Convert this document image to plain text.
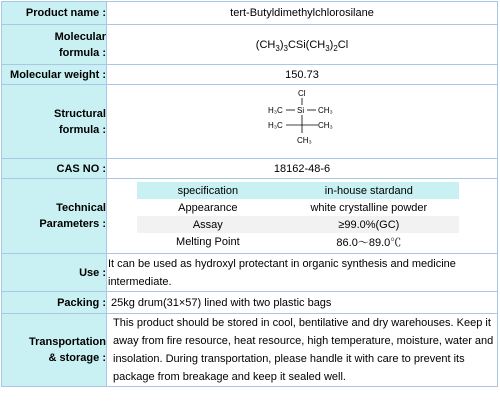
Product name :	tert-Butyldimethylchlorosilane
Molecular
formula :	$(CH_3)_3CSi(CH_3)_2Cl$
Molecular weight :	150.73
Structural
formula :	
Cl
H₃C Si CH₃
H₃C	CH₃
CH₃

CAS NO :	18162-48-6
Technical
Parameters :	
specification	in-house stardand
Appearance	white crystalline powder
Assay	≥99.0%(GC)
Melting Point	86.0～89.0℃

Use :	It can be used as hydroxyl protectant in organic synthesis and medicine intermediate.
Packing :	25kg drum(31×57) lined with two plastic bags
Transportation
& storage :	This product should be stored in cool, bentilative and dry warehouses. Keep it away from fire resource, heat resource, high temperature, moisture, water and insolation. During transportation, please handle it with care to prevent its package from breakage and keep it sealed well.
